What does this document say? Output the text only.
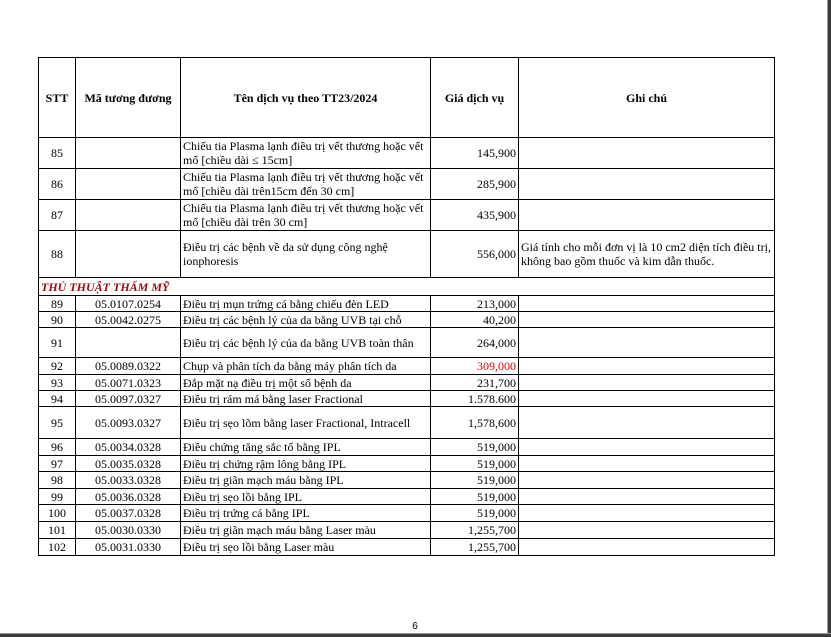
STT	Mã tương đương	Tên dịch vụ theo TT23/2024	Giá dịch vụ	Ghi chú
85		Chiếu tia Plasma lạnh điều trị vết thương hoặc vết mổ [chiều dài ≤ 15cm]	145,900	
86		Chiếu tia Plasma lạnh điều trị vết thương hoặc vết mổ [chiều dài trên15cm đến 30 cm]	285,900	
87		Chiếu tia Plasma lạnh điều trị vết thương hoặc vết mổ [chiều dài trên 30 cm]	435,900	
88		Điều trị các bệnh về da sử dụng công nghệ ionphoresis	556,000	Giá tính cho mỗi đơn vị là 10 cm2 diện tích điều trị, không bao gồm thuốc và kim dẫn thuốc.
THỦ THUẬT THẨM MỸ				
89	05.0107.0254	Điều trị mụn trứng cá bằng chiếu đèn LED	213,000	
90	05.0042.0275	Điều trị các bệnh lý của da bằng UVB tại chỗ	40,200	
91		Điều trị các bệnh lý của da bằng UVB toàn thân	264,000	
92	05.0089.0322	Chụp và phân tích da bằng máy phân tích da	309,000	
93	05.0071.0323	Đắp mặt nạ điều trị một số bệnh da	231,700	
94	05.0097.0327	Điều trị rám má bằng laser Fractional	1.578.600	
95	05.0093.0327	Điều trị sẹo lõm bằng laser Fractional, Intracell	1,578,600	
96	05.0034.0328	Điều chứng tăng sắc tố bằng IPL	519,000	
97	05.0035.0328	Điều trị chứng rậm lông bằng IPL	519,000	
98	05.0033.0328	Điều trị giãn mạch máu bằng IPL	519,000	
99	05.0036.0328	Điều trị sẹo lồi bằng IPL	519,000	
100	05.0037.0328	Điều trị trứng cá bằng IPL	519,000	
101	05.0030.0330	Điều trị giãn mạch máu bằng Laser màu	1,255,700	
102	05.0031.0330	Điều trị sẹo lồi bằng Laser màu	1,255,700	
6
